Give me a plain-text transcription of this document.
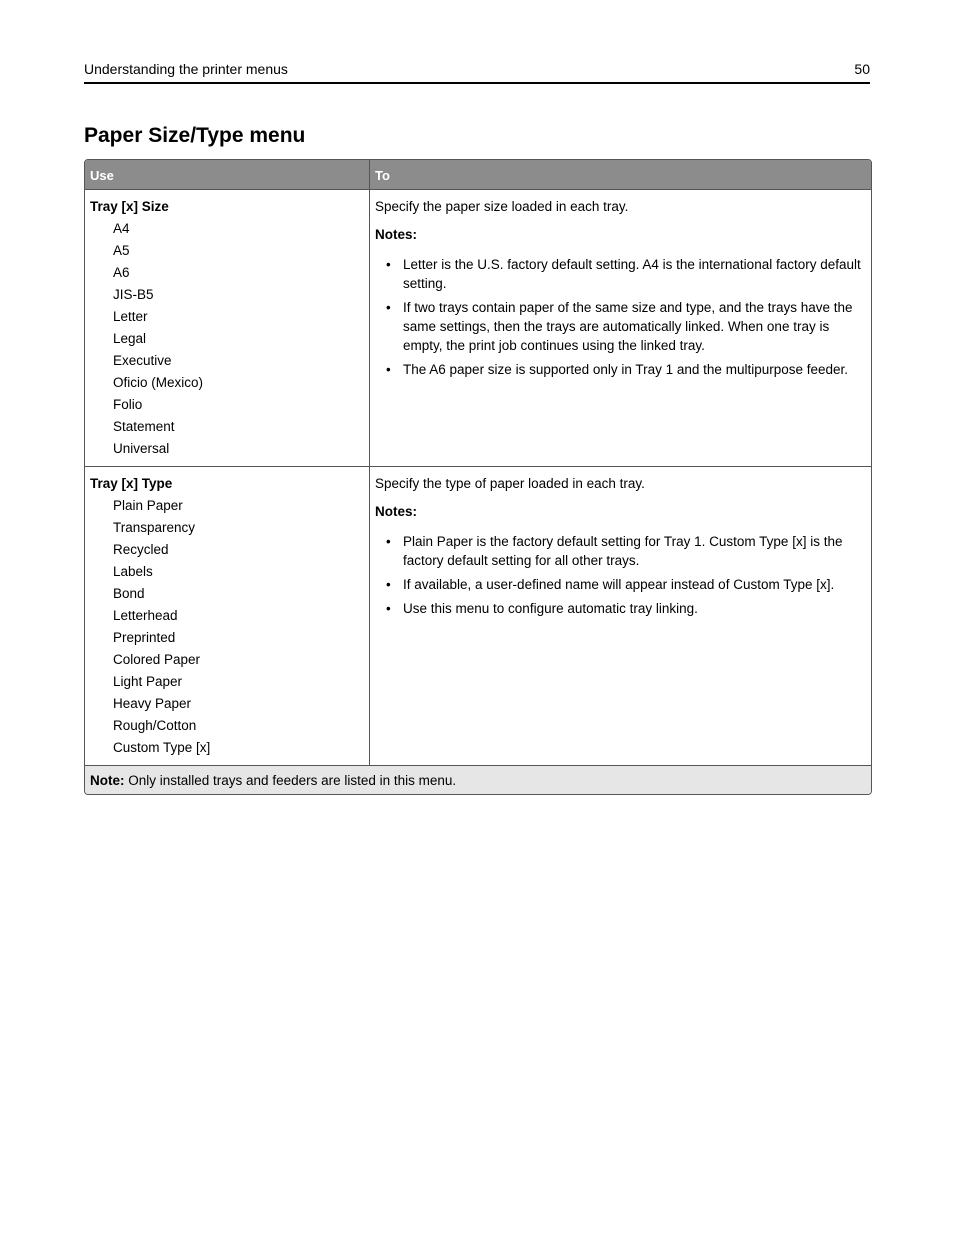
Understanding the printer menus	50
Paper Size/Type menu
Use	To
Tray [x] Size
A4
A5
A6
JIS-B5
Letter
Legal
Executive
Oficio (Mexico)
Folio
Statement
Universal
Specify the paper size loaded in each tray.
Notes:
• Letter is the U.S. factory default setting. A4 is the international factory default setting.
• If two trays contain paper of the same size and type, and the trays have the same settings, then the trays are automatically linked. When one tray is empty, the print job continues using the linked tray.
• The A6 paper size is supported only in Tray 1 and the multipurpose feeder.
Tray [x] Type
Plain Paper
Transparency
Recycled
Labels
Bond
Letterhead
Preprinted
Colored Paper
Light Paper
Heavy Paper
Rough/Cotton
Custom Type [x]
Specify the type of paper loaded in each tray.
Notes:
• Plain Paper is the factory default setting for Tray 1. Custom Type [x] is the factory default setting for all other trays.
• If available, a user-defined name will appear instead of Custom Type [x].
• Use this menu to configure automatic tray linking.
Note: Only installed trays and feeders are listed in this menu.
